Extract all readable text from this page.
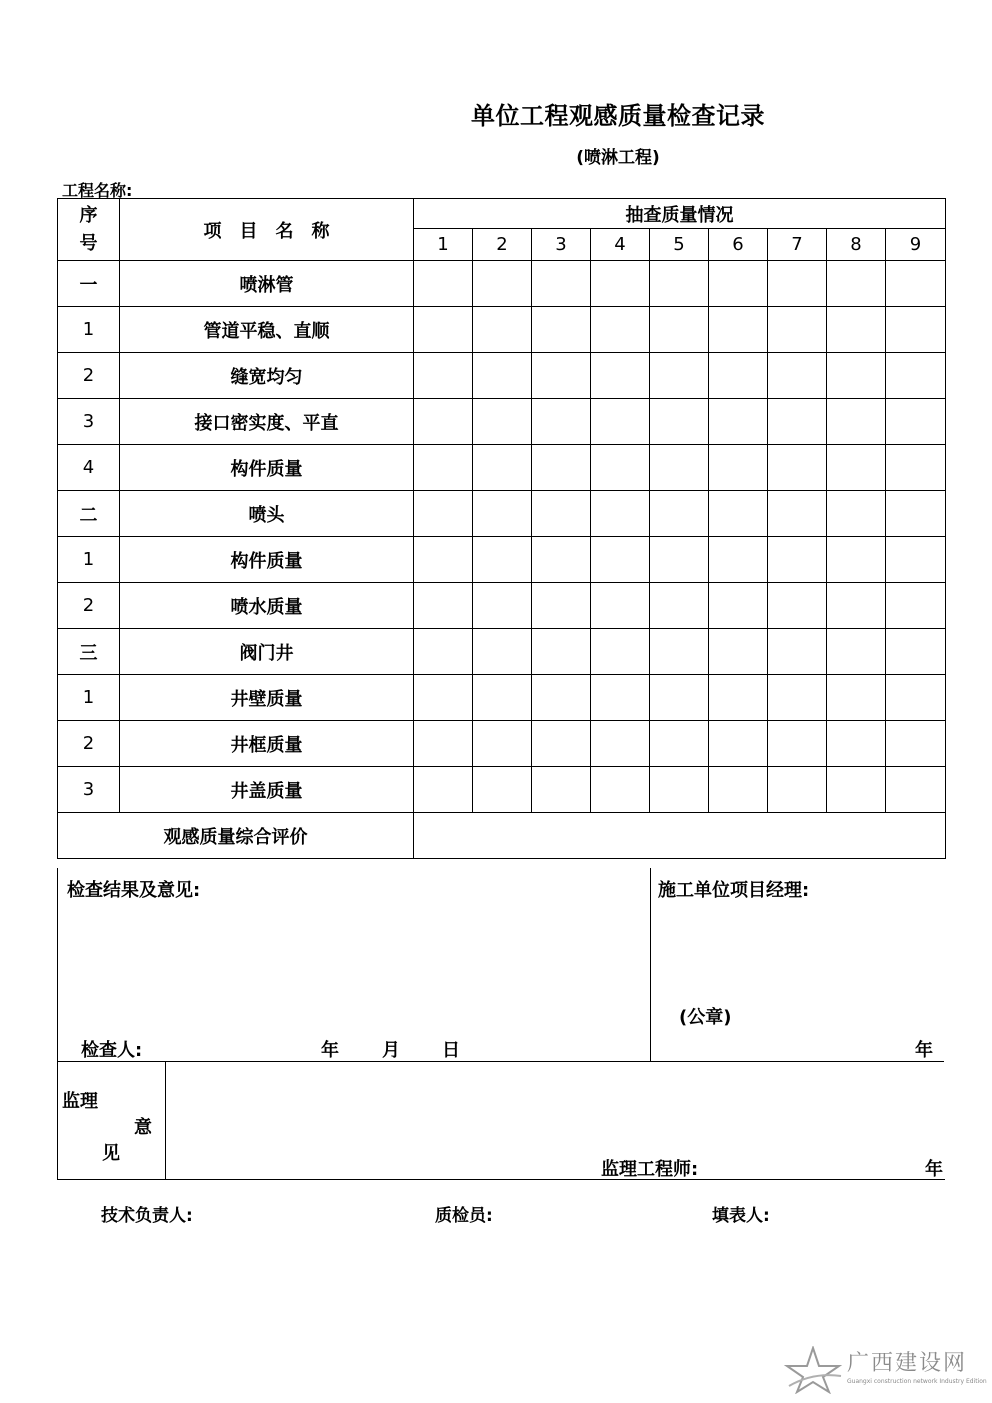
单位工程观感质量检查记录
(喷淋工程)
工程名称:
序
号	项　目　名　称	抽查质量情况								
		1	2	3	4	5	6	7	8	9
一	喷淋管									
1	管道平稳、直顺									
2	缝宽均匀									
3	接口密实度、平直									
4	构件质量									
二	喷头									
1	构件质量									
2	喷水质量									
三	阀门井									
1	井壁质量									
2	井框质量									
3	井盖质量									
观感质量综合评价										
检查结果及意见:
检查人:	年 月 日
施工单位项目经理:
(公章)
年
监理
意
见
监理工程师:	年
技术负责人:	质检员:	填表人:
广西建设网
Guangxi construction network Industry Edition
